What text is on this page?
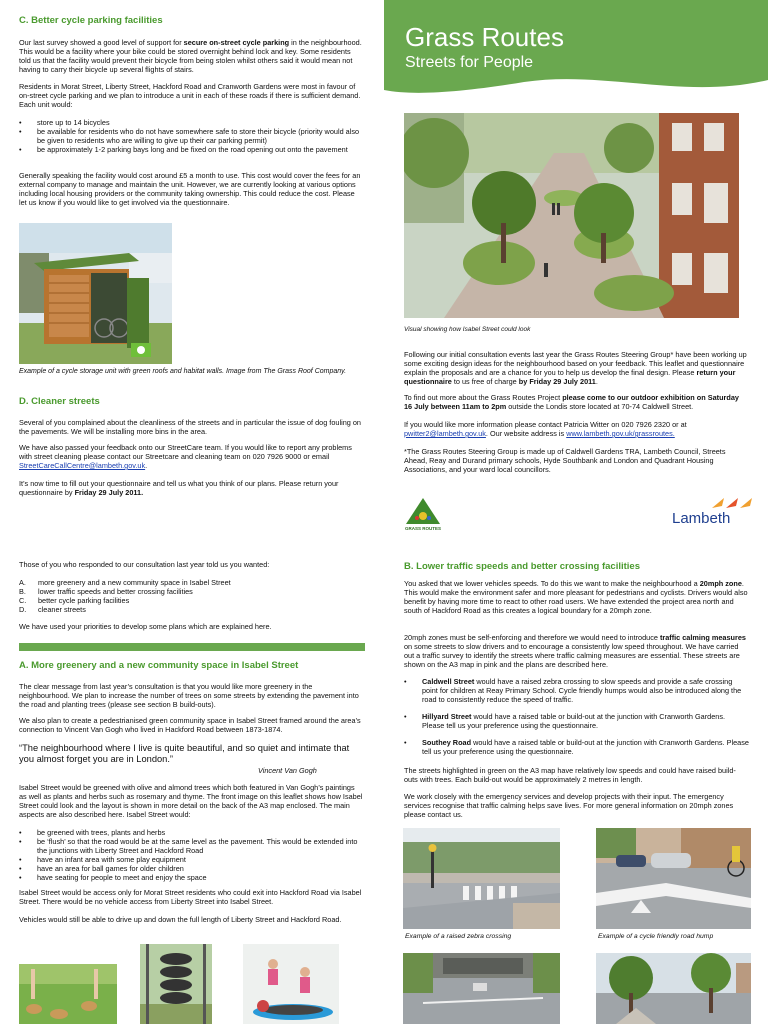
C. Better cycle parking facilities
Our last survey showed a good level of support for secure on-street cycle parking in the neighbourhood. This would be a facility where your bike could be stored overnight behind lock and key. Some residents told us that the facility would prevent their bicycle from being stolen whilst others said it would mean not having to carry their bicycle up several flights of stairs.
Residents in Morat Street, Liberty Street, Hackford Road and Cranworth Gardens were most in favour of on-street cycle parking and we plan to introduce a unit in each of these roads if there is sufficient demand. Each unit would:
• store up to 14 bicycles
• be available for residents who do not have somewhere safe to store their bicycle (priority would also be given to residents who are willing to give up their car parking permit)
• be approximately 1-2 parking bays long and be fixed on the road opening out onto the pavement
Generally speaking the facility would cost around £5 a month to use. This cost would cover the fees for an external company to manage and maintain the unit. However, we are currently looking at various options including local housing providers or the community taking ownership. This could reduce the cost. Please let us know if you would like to get involved via the questionnaire.
Example of a cycle storage unit with green roofs and habitat walls. Image from The Grass Roof Company.
D. Cleaner streets
Several of you complained about the cleanliness of the streets and in particular the issue of dog fouling on the pavements. We will be installing more bins in the area.
We have also passed your feedback onto our StreetCare team. If you would like to report any problems with street cleaning please contact our Streetcare and cleaning team on 020 7926 9000 or email StreetCareCallCentre@lambeth.gov.uk.
It’s now time to fill out your questionnaire and tell us what you think of our plans. Please return your questionnaire by Friday 29 July 2011.
Grass Routes
Streets for People
Visual showing how Isabel Street could look
Following our initial consultation events last year the Grass Routes Steering Group* have been working up some exciting design ideas for the neighbourhood based on your feedback. This leaflet and questionnaire explain the proposals and are a chance for you to help us develop the final design. Please return your questionnaire to us free of charge by Friday 29 July 2011.
To find out more about the Grass Routes Project please come to our outdoor exhibition on Saturday 16 July between 11am to 2pm outside the Londis store located at 70-74 Caldwell Street.
If you would like more information please contact Patricia Witter on 020 7926 2320 or at pwitter2@lambeth.gov.uk. Our website address is www.lambeth.gov.uk/grassroutes.
*The Grass Routes Steering Group is made up of Caldwell Gardens TRA, Lambeth Council, Streets Ahead, Reay and Durand primary schools, Hyde Southbank and London and Quadrant Housing Associations, and your ward local councillors.
GRASS ROUTES
Lambeth
Those of you who responded to our consultation last year told us you wanted:
A.	more greenery and a new community space in Isabel Street
B.	lower traffic speeds and better crossing facilities
C.	better cycle parking facilities
D.	cleaner streets
We have used your priorities to develop some plans which are explained here.
A. More greenery and a new community space in Isabel Street
The clear message from last year’s consultation is that you would like more greenery in the neighbourhood. We plan to increase the number of trees on some streets by extending the pavement into the road and planting trees (please see section B build-outs).
We also plan to create a pedestrianised green community space in Isabel Street framed around the area’s connection to Vincent Van Gogh who lived in Hackford Road between 1873-1874.
“The neighbourhood where I live is quite beautiful, and so quiet and intimate that you almost forget you are in London.”
Vincent Van Gogh
Isabel Street would be greened with olive and almond trees which both featured in Van Gogh’s paintings as well as plants and herbs such as rosemary and thyme. The front image on this leaflet shows how Isabel Street could look and the layout is shown in more detail on the back of the A3 map enclosed. The main aspects are also described here. Isabel Street would:
• be greened with trees, plants and herbs
• be ‘flush’ so that the road would be at the same level as the pavement. This would be extended into the junctions with Liberty Street and Hackford Road
• have an infant area with some play equipment
• have an area for ball games for older children
• have seating for people to meet and enjoy the space
Isabel Street would be access only for Morat Street residents who could exit into Hackford Road via Isabel Street. There would be no vehicle access from Liberty Street into Isabel Street.
Vehicles would still be able to drive up and down the full length of Liberty Street and Hackford Road.
B. Lower traffic speeds and better crossing facilities
You asked that we lower vehicles speeds. To do this we want to make the neighbourhood a 20mph zone. This would make the environment safer and more pleasant for pedestrians and cyclists. Drivers would also benefit by having more time to react to other road users. We have extended the project area north and south of Hackford Road as this creates a logical boundary for a 20mph zone.
20mph zones must be self-enforcing and therefore we would need to introduce traffic calming measures on some streets to slow drivers and to encourage a consistently low speed throughout. We have carried out a traffic survey to identify the streets where traffic calming measures are essential. These streets are shown on the A3 map in pink and the plans are described here.
• Caldwell Street would have a raised zebra crossing to slow speeds and provide a safe crossing point for children at Reay Primary School. Cycle friendly humps would also be introduced along the road to consistently reduce the speed of traffic.
• Hillyard Street would have a raised table or build-out at the junction with Cranworth Gardens. Please tell us your preference using the questionnaire.
• Southey Road would have a raised table or build-out at the junction with Cranworth Gardens. Please tell us your preference using the questionnaire.
The streets highlighted in green on the A3 map have relatively low speeds and could have raised build-outs with trees. Each build-out would be approximately 2 metres in length.
We work closely with the emergency services and develop projects with their input. The emergency services recognise that traffic calming helps save lives. For more general information on 20mph zones please contact us.
Example of a raised zebra crossing	Example of a cycle friendly road hump
